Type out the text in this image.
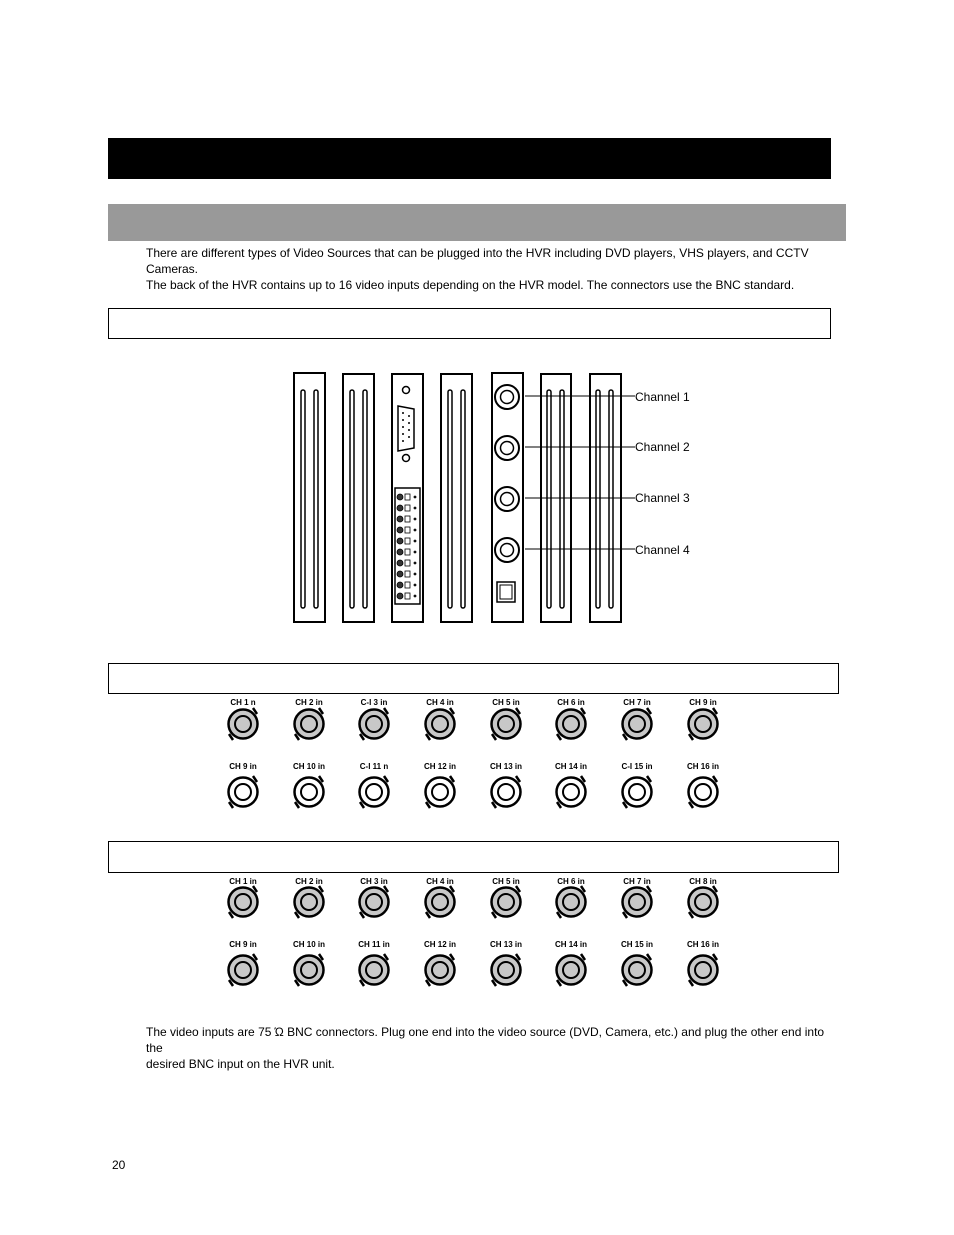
There are different types of Video Sources that can be plugged into the HVR including DVD players, VHS players, and CCTV Cameras.
The back of the HVR contains up to 16 video inputs depending on the HVR model. The connectors use the BNC standard.
Channel 1
Channel 2
Channel 3
Channel 4
CH 1 n	CH 2 in	C-I 3 in	CH 4 in	CH 5 in	CH 6 in	CH 7 in	CH 9 in
CH 9 in	CH 10 in	C-I 11 n	CH 12 in	CH 13 in	CH 14 in	C-I 15 in	CH 16 in
CH 1 in	CH 2 in	CH 3 in	CH 4 in	CH 5 in	CH 6 in	CH 7 in	CH 8 in
CH 9 in	CH 10 in	CH 11 in	CH 12 in	CH 13 in	CH 14 in	CH 15 in	CH 16 in
The video inputs are 75 Ώ BNC connectors. Plug one end into the video source (DVD, Camera, etc.) and plug the other end into the
desired BNC input on the HVR unit.
20
